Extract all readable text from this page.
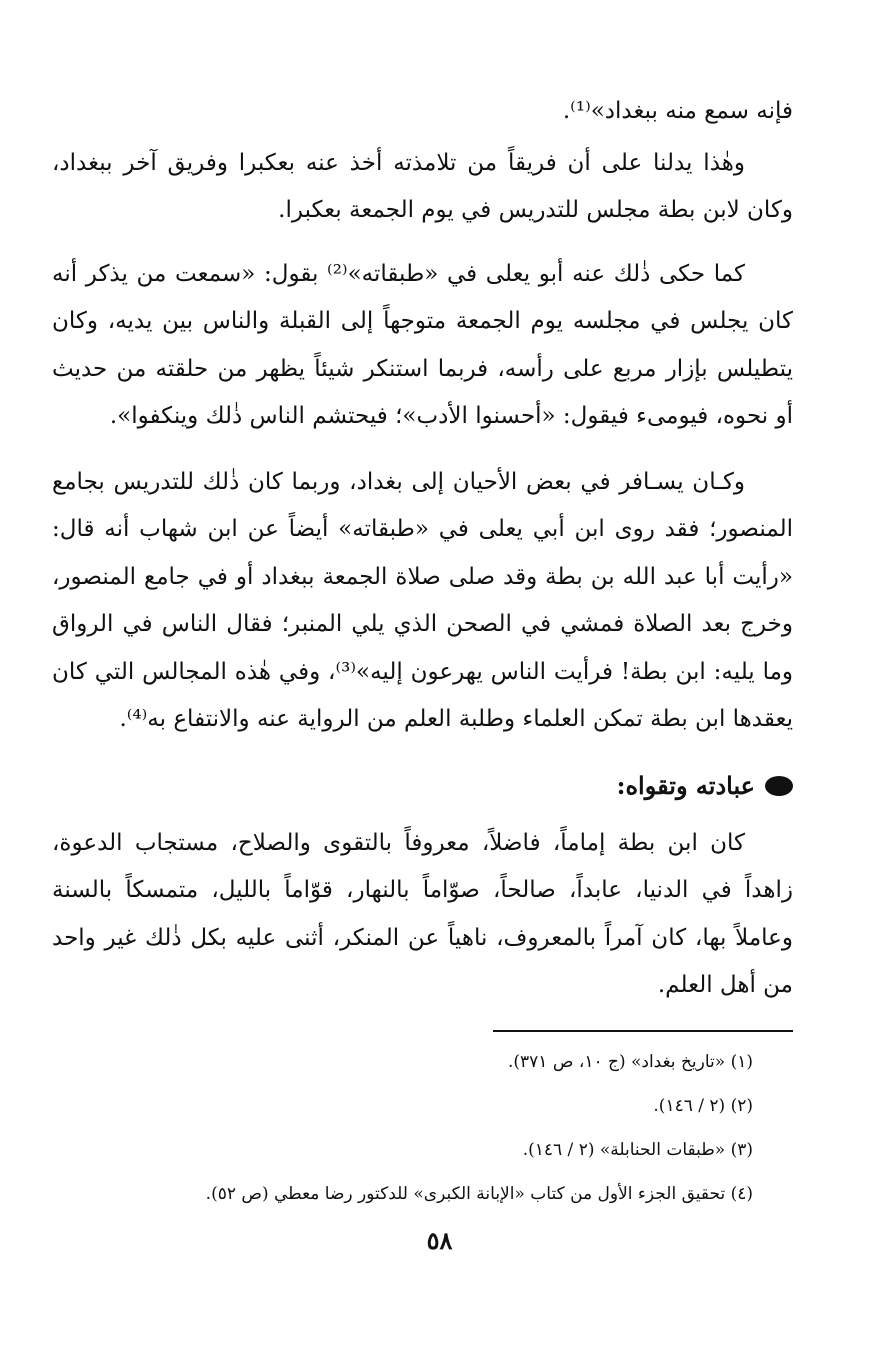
فإنه سمع منه ببغداد»⁽¹⁾.

وهٰذا يدلنا على أن فريقاً من تلامذته أخذ عنه بعكبرا وفريق آخر ببغداد، وكان لابن بطة مجلس للتدريس في يوم الجمعة بعكبرا.

كما حكى ذٰلك عنه أبو يعلى في «طبقاته»⁽²⁾ بقول: «سمعت من يذكر أنه كان يجلس في مجلسه يوم الجمعة متوجهاً إلى القبلة والناس بين يديه، وكان يتطيلس بإزار مربع على رأسه، فربما استنكر شيئاً يظهر من حلقته من حديث أو نحوه، فيومىء فيقول: «أحسنوا الأدب»؛ فيحتشم الناس ذٰلك وينكفوا».

وكـان يسـافر في بعض الأحيان إلى بغداد، وربما كان ذٰلك للتدريس بجامع المنصور؛ فقد روى ابن أبي يعلى في «طبقاته» أيضاً عن ابن شهاب أنه قال: «رأيت أبا عبد الله بن بطة وقد صلى صلاة الجمعة ببغداد أو في جامع المنصور، وخرج بعد الصلاة فمشي في الصحن الذي يلي المنبر؛ فقال الناس في الرواق وما يليه: ابن بطة! فرأيت الناس يهرعون إليه»⁽³⁾، وفي هٰذه المجالس التي كان يعقدها ابن بطة تمكن العلماء وطلبة العلم من الرواية عنه والانتفاع به⁽⁴⁾.

عبادته وتقواه:

كان ابن بطة إماماً، فاضلاً، معروفاً بالتقوى والصلاح، مستجاب الدعوة، زاهداً في الدنيا، عابداً، صالحاً، صوّاماً بالنهار، قوّاماً بالليل، متمسكاً بالسنة وعاملاً بها، كان آمراً بالمعروف، ناهياً عن المنكر، أثنى عليه بكل ذٰلك غير واحد من أهل العلم.

(١) «تاريخ بغداد» (ج ١٠، ص ٣٧١).

(٢) (٢ / ١٤٦).

(٣) «طبقات الحنابلة» (٢ / ١٤٦).

(٤) تحقيق الجزء الأول من كتاب «الإبانة الكبرى» للدكتور رضا معطي (ص ٥٢).

٥٨
